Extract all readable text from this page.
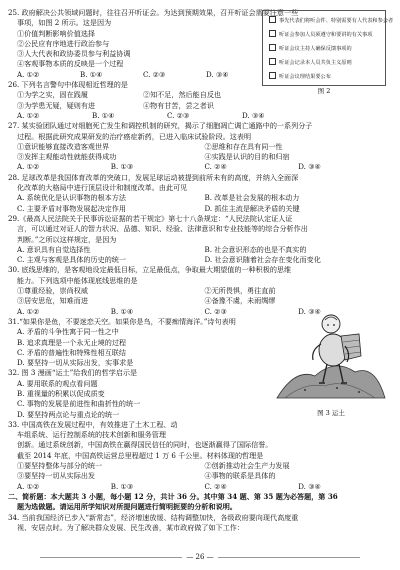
25. 政府解决公共领域问题时，往往召开听证会。为达到预期效果，召开听证会需要注意一些
事项，如图 2 所示。这是因为
①价值判断影响价值选择
②公民应有序地进行政治参与
③人大代表和政协委员参与利益协调
④客观事物本质的反映是一个过程
A. ①②	B. ①④	C. ②③	D. ③④
26. 下列名言警句中体现相近哲理的是
①为学之实，固在践履	②知不足，然后能自反也
③为学患无疑，疑则有进	④物有甘苦，尝之者识
A. ①②	B. ①④	C. ②③	D. ③④
27. 某实验团队通过对细胞死亡发生和调控机制的研究，揭示了细胞凋亡调亡通路中的一系列分子
过程。根据此研究成果研发的治疗癌症新药，已进入临床试验阶段。这表明
①意识能够直接改造客观世界	②思维和存在具有同一性
③发挥主观能动性就能获得成功	④实践是认识的目的和归宿
A. ①②	B. ①③	C. ②④	D. ③④
28. 足球改革是我国体育改革的突破口，发展足球运动被提到前所未有的高度，并纳入全面深
化改革的大格局中进行顶层设计和制度改革。由此可见
A. 系统优化是认识事物的根本方法	B. 改革是社会发展的根本动力
C. 主要矛盾对事物发展起决定作用	D. 抓住主流是解决矛盾的关键
29.《最高人民法院关于民事诉讼证据的若干规定》第七十八条规定：“人民法院认定证人证
言，可以通过对证人的智力状况、品德、知识、经验、法律意识和专业技能等的综合分析作出
判断。”之所以这样规定，是因为
A. 意识具有自觉选择性	B. 社会意识形态的也是不真实的
C. 主观与客观是具体的历史的统一	D. 社会意识随着社会存在变化而变化
30. 底线思维的，是客观地设定最低目标，立足最低点，争取最大期望值的一种积极的思维
能力。下列选项中能体现底线思维的是
①尊重经验，崇尚权威	②无所畏惧，勇往直前
③居安思危，知难而进	④备豫不虞，未雨绸缪
A. ①②	B. ①④	C. ②③	D. ③④
31.“如果你是鱼，不要迷恋天空。如果你是鸟，不要痴情海洋。”诗句表明
A. 矛盾的斗争性寓于同一性之中
B. 追求真理是一个永无止境的过程
C. 矛盾的普遍性和特殊性相互联结
D. 要坚持一切从实际出发，实事求是
32. 图 3 漫画“运土”给我们的哲学启示是
A. 要用联系的观点看问题
B. 重视量的积累以促成质变
C. 事物的发展是前进性和曲折性的统一
D. 要坚持两点论与重点论的统一
33. 中国高铁在发展过程中，有效推进了土木工程、动
车组系统、运行控制系统的技术创新和服务管理
创新。通过系统创新，中国高铁在赢得国民信任的同时，也逐渐赢得了国际信誉。
截至 2014 年底，中国高铁运营总里程超过 1 万 6 千公里。材料体现的哲理是
①要坚持整体与部分的统一	②创新推动社会生产力发展
③要坚持一切从实际出发	④事物的联系是具体的
A. ①②	B. ①③	C. ②④	D. ③④
二、简析题：本大题共 3 小题，每小题 12 分，共计 36 分。其中第 34 题、第 35 题为必答题，第 36
题为选做题。请运用所学知识对所提问题进行简明扼要的分析和说明。
34. 当前我国经济已步入“新常态”，经济增速放缓、结构调整加快，各级政府要向现代高度重
视、安居点时。为了解决群众发展、民生改善，某市政府做了如下工作：
事先代表们将听会件、特别需要有人代表和参会者
听证会参加人员须遵守和要讲的有关事项
听证会议主持人确保反馈事项的
听证会记录本人员共负主义原则
听证会议理结果要公布
图 2
图 3 运土
— 26 —
